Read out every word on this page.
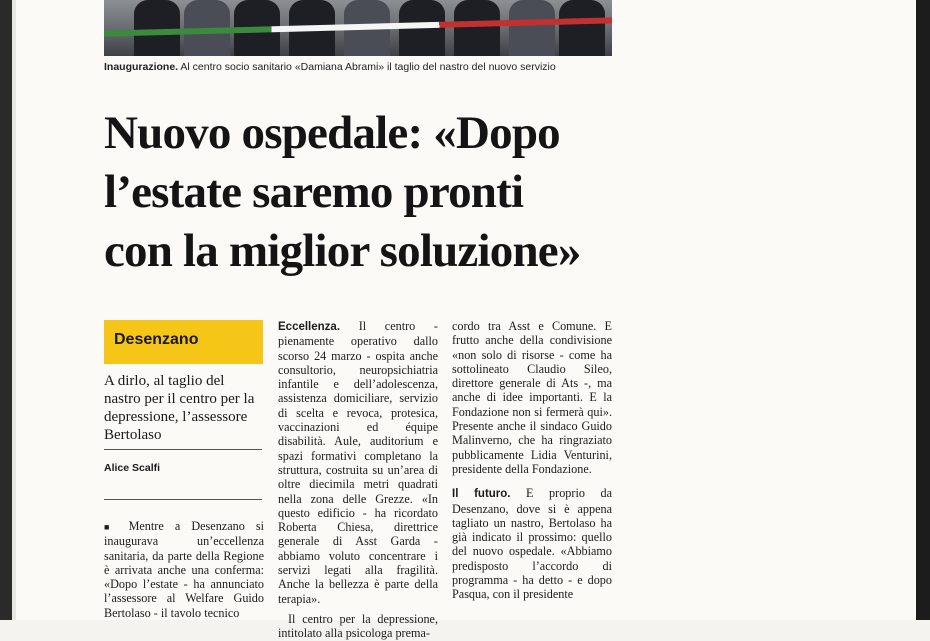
Inaugurazione. Al centro socio sanitario «Damiana Abrami» il taglio del nastro del nuovo servizio
Nuovo ospedale: «Dopo
l’estate saremo pronti
con la miglior soluzione»
Desenzano
A dirlo, al taglio del nastro per il centro per la depressione, l’assessore Bertolaso
Alice Scalfi

■ Mentre a Desenzano si inaugurava un’eccellenza sanitaria, da parte della Regione è arrivata anche una conferma: «Dopo l’estate - ha annunciato l’assessore al Welfare Guido Bertolaso - il tavolo tecnico

Eccellenza. Il centro - pienamente operativo dallo scorso 24 marzo - ospita anche consultorio, neuropsichiatria infantile e dell’adolescenza, assistenza domiciliare, servizio di scelta e revoca, protesica, vaccinazioni ed équipe disabilità. Aule, auditorium e spazi formativi completano la struttura, costruita su un’area di oltre diecimila metri quadrati nella zona delle Grezze. «In questo edificio - ha ricordato Roberta Chiesa, direttrice generale di Asst Garda - abbiamo voluto concentrare i servizi legati alla fragilità. Anche la bellezza è parte della terapia».

Il centro per la depressione, intitolato alla psicologa prema-

cordo tra Asst e Comune. E frutto anche della condivisione «non solo di risorse - come ha sottolineato Claudio Sileo, direttore generale di Ats -, ma anche di idee importanti. E la Fondazione non si fermerà qui». Presente anche il sindaco Guido Malinverno, che ha ringraziato pubblicamente Lidia Venturini, presidente della Fondazione.

Il futuro. E proprio da Desenzano, dove si è appena tagliato un nastro, Bertolaso ha già indicato il prossimo: quello del nuovo ospedale. «Abbiamo predisposto l’accordo di programma - ha detto - e dopo Pasqua, con il presidente
